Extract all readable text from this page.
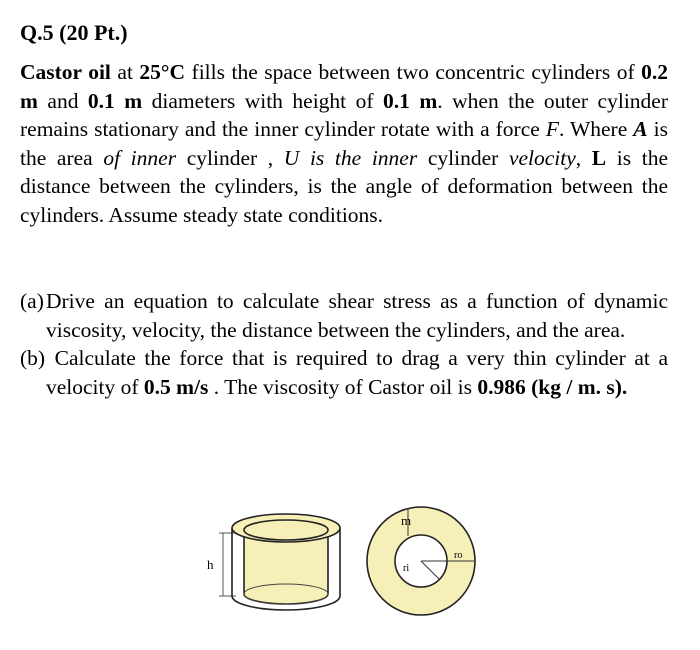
Q.5 (20 Pt.)
Castor oil at 25°C fills the space between two concentric cylinders of 0.2 m and 0.1 m diameters with height of 0.1 m. when the outer cylinder remains stationary and the inner cylinder rotate with a force F. Where A is the area of inner cylinder , U is the inner cylinder velocity, L is the distance between the cylinders, is the angle of deformation between the cylinders. Assume steady state conditions.
(a) Drive an equation to calculate shear stress as a function of dynamic viscosity, velocity, the distance between the cylinders, and the area.
(b) Calculate the force that is required to drag a very thin cylinder at a velocity of 0.5 m/s . The viscosity of Castor oil is 0.986 (kg / m. s).
h
m
ri
ro
